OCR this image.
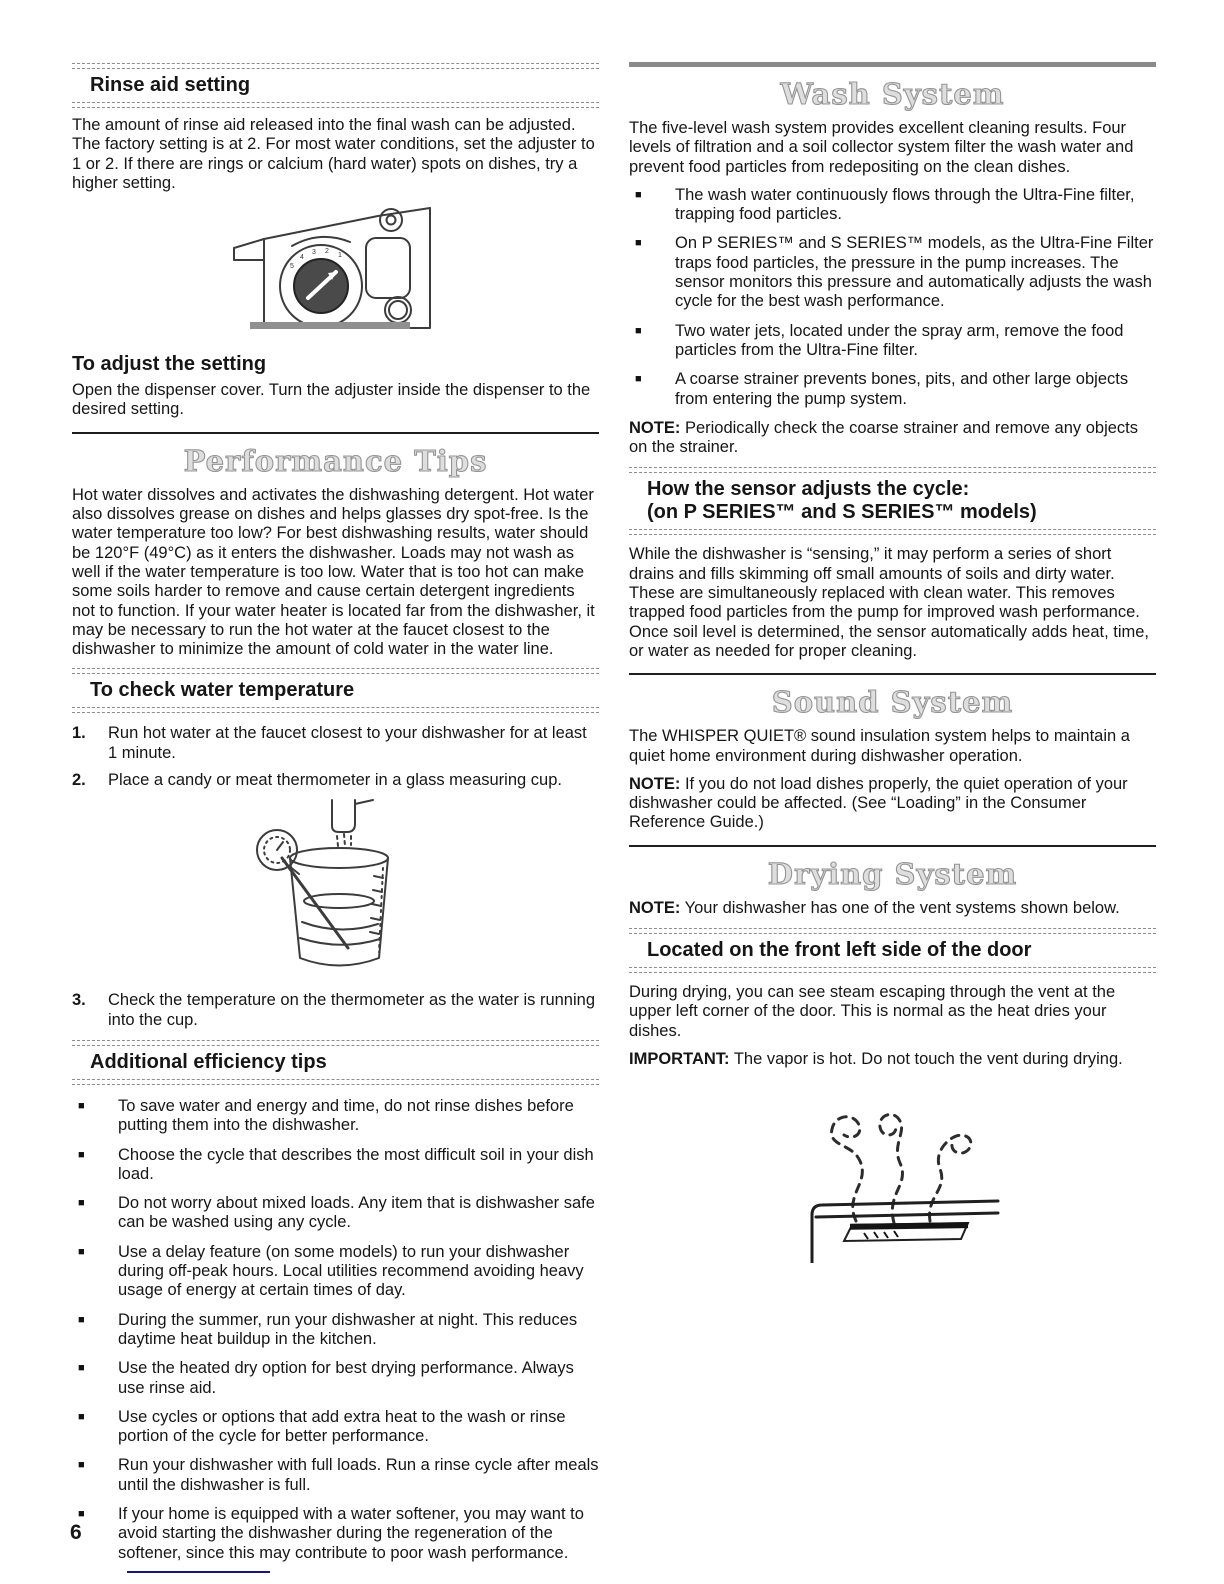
Rinse aid setting

The amount of rinse aid released into the final wash can be adjusted. The factory setting is at 2. For most water conditions, set the adjuster to 1 or 2. If there are rings or calcium (hard water) spots on dishes, try a higher setting.

5
4
3 2
1
To adjust the setting

Open the dispenser cover. Turn the adjuster inside the dispenser to the desired setting.

Performance Tips

Hot water dissolves and activates the dishwashing detergent. Hot water also dissolves grease on dishes and helps glasses dry spot-free. Is the water temperature too low? For best dishwashing results, water should be 120°F (49°C) as it enters the dishwasher. Loads may not wash as well if the water temperature is too low. Water that is too hot can make some soils harder to remove and cause certain detergent ingredients not to function. If your water heater is located far from the dishwasher, it may be necessary to run the hot water at the faucet closest to the dishwasher to minimize the amount of cold water in the water line.

To check water temperature
1.	Run hot water at the faucet closest to your dishwasher for at least 1 minute.
2.	Place a candy or meat thermometer in a glass measuring cup.
3.	Check the temperature on the thermometer as the water is running into the cup.
Additional efficiency tips
■	To save water and energy and time, do not rinse dishes before putting them into the dishwasher.
■	Choose the cycle that describes the most difficult soil in your dish load.
■	Do not worry about mixed loads. Any item that is dishwasher safe can be washed using any cycle.
■	Use a delay feature (on some models) to run your dishwasher during off-peak hours. Local utilities recommend avoiding heavy usage of energy at certain times of day.
■	During the summer, run your dishwasher at night. This reduces daytime heat buildup in the kitchen.
■	Use the heated dry option for best drying performance. Always use rinse aid.
■	Use cycles or options that add extra heat to the wash or rinse portion of the cycle for better performance.
■	Run your dishwasher with full loads. Run a rinse cycle after meals until the dishwasher is full.
■	If your home is equipped with a water softener, you may want to avoid starting the dishwasher during the regeneration of the softener, since this may contribute to poor wash performance.
Wash System

The five-level wash system provides excellent cleaning results. Four levels of filtration and a soil collector system filter the wash water and prevent food particles from redepositing on the clean dishes.

■	The wash water continuously flows through the Ultra-Fine filter, trapping food particles.
■	On P SERIES™ and S SERIES™ models, as the Ultra-Fine Filter traps food particles, the pressure in the pump increases. The sensor monitors this pressure and automatically adjusts the wash cycle for the best wash performance.
■	Two water jets, located under the spray arm, remove the food particles from the Ultra-Fine filter.
■	A coarse strainer prevents bones, pits, and other large objects from entering the pump system.

NOTE: Periodically check the coarse strainer and remove any objects on the strainer.

How the sensor adjusts the cycle:
(on P SERIES™ and S SERIES™ models)

While the dishwasher is “sensing,” it may perform a series of short drains and fills skimming off small amounts of soils and dirty water. These are simultaneously replaced with clean water. This removes trapped food particles from the pump for improved wash performance. Once soil level is determined, the sensor automatically adds heat, time, or water as needed for proper cleaning.

Sound System

The WHISPER QUIET® sound insulation system helps to maintain a quiet home environment during dishwasher operation.

NOTE: If you do not load dishes properly, the quiet operation of your dishwasher could be affected. (See “Loading” in the Consumer Reference Guide.)

Drying System

NOTE: Your dishwasher has one of the vent systems shown below.

Located on the front left side of the door

During drying, you can see steam escaping through the vent at the upper left corner of the door. This is normal as the heat dries your dishes.

IMPORTANT: The vapor is hot. Do not touch the vent during drying.

6
